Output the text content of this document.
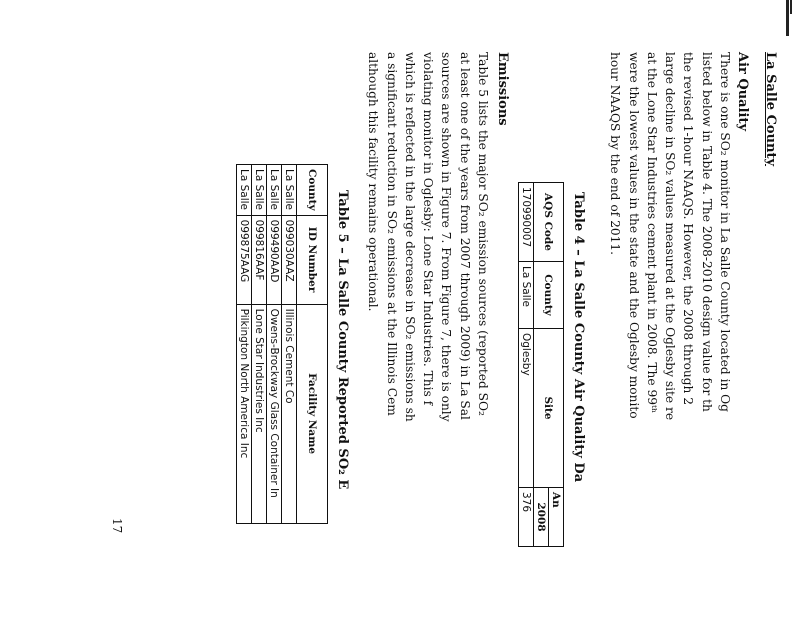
La Salle County
Air Quality
There is one SO₂ monitor in La Salle County located in Og
listed below in Table 4. The 2008-2010 design value for th
the revised 1-hour NAAQS. However, the 2008 through 2
large decline in SO₂ values measured at the Oglesby site re
at the Lone Star Industries cement plant in 2008. The 99ᵗʰ
were the lowest values in the state and the Oglesby monito
hour NAAQS by the end of 2011.
Table 4 – La Salle County Air Quality Da
AQS Code	County	Site	An
			2008
170990007	La Salle	Oglesby	376
Emissions
Table 5 lists the major SO₂ emission sources (reported SO₂
at least one of the years from 2007 through 2009) in La Sal
sources are shown in Figure 7. From Figure 7, there is only
violating monitor in Oglesby: Lone Star Industries. This f
which is reflected in the large decrease in SO₂ emissions sh
a significant reduction in SO₂ emissions at the Illinois Cem
although this facility remains operational.
Table 5 – La Salle County Reported SO₂ E
County	ID Number	Facility Name
La Salle	099030AAZ	Illinois Cement Co
La Salle	099490AAD	Owens-Brockway Glass Container In
La Salle	099816AAF	Lone Star Industries Inc
La Salle	099875AAG	Pilkington North America Inc
17
